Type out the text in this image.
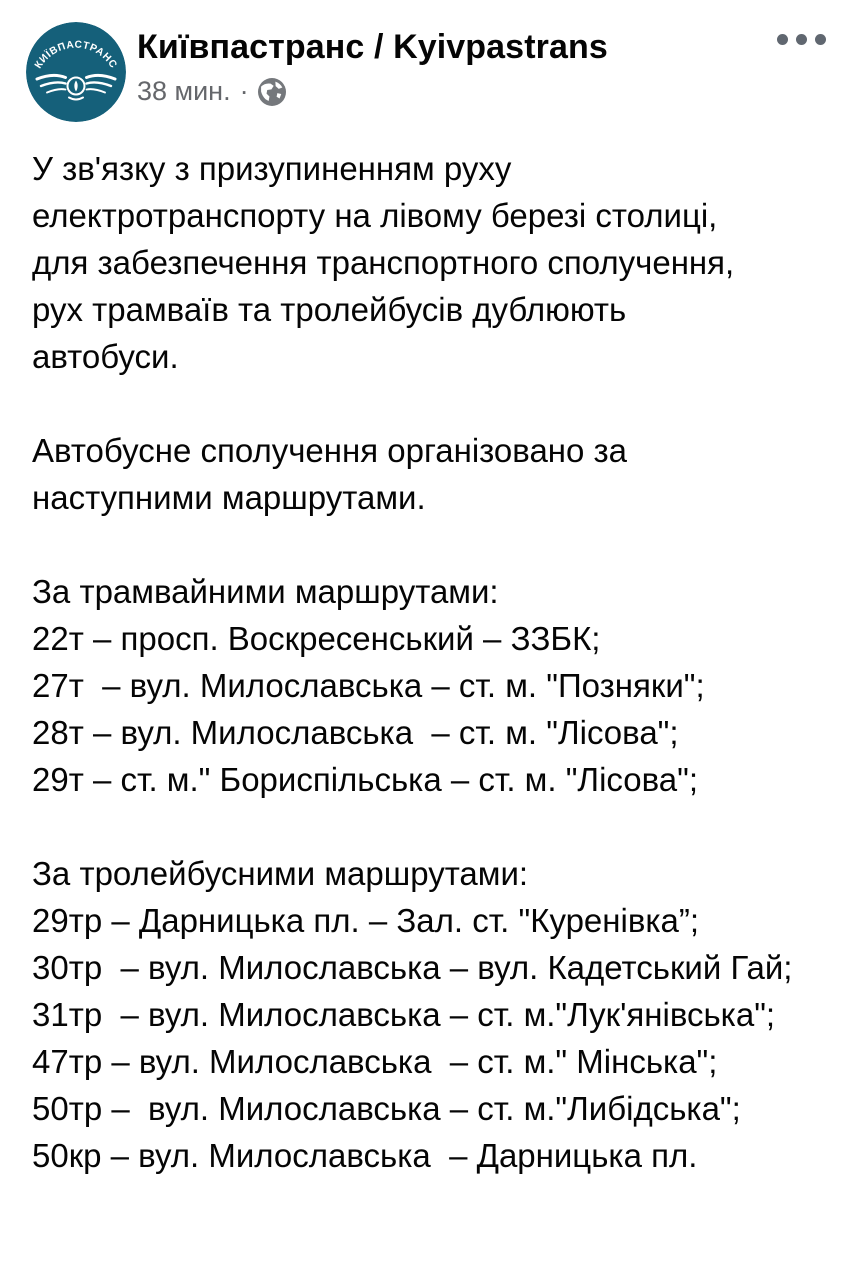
КИЇВПАСТРАНС Київпастранс / Kyivpastrans
38 мин. ·
У зв'язку з призупиненням руху
електротранспорту на лівому березі столиці,
для забезпечення транспортного сполучення,
рух трамваїв та тролейбусів дублюють
автобуси.
Автобусне сполучення організовано за
наступними маршрутами.
За трамвайними маршрутами:
22т – просп. Воскресенський – ЗЗБК;
27т  – вул. Милославська – ст. м. "Позняки";
28т – вул. Милославська  – ст. м. "Лісова";
29т – ст. м." Бориспільська – ст. м. "Лісова";
За тролейбусними маршрутами:
29тр – Дарницька пл. – Зал. ст. "Куренівка”;
30тр  – вул. Милославська – вул. Кадетський Гай;
31тр  – вул. Милославська – ст. м."Лук'янівська";
47тр – вул. Милославська  – ст. м." Мінська";
50тр –  вул. Милославська – ст. м."Либідська";
50кр – вул. Милославська  – Дарницька пл.
